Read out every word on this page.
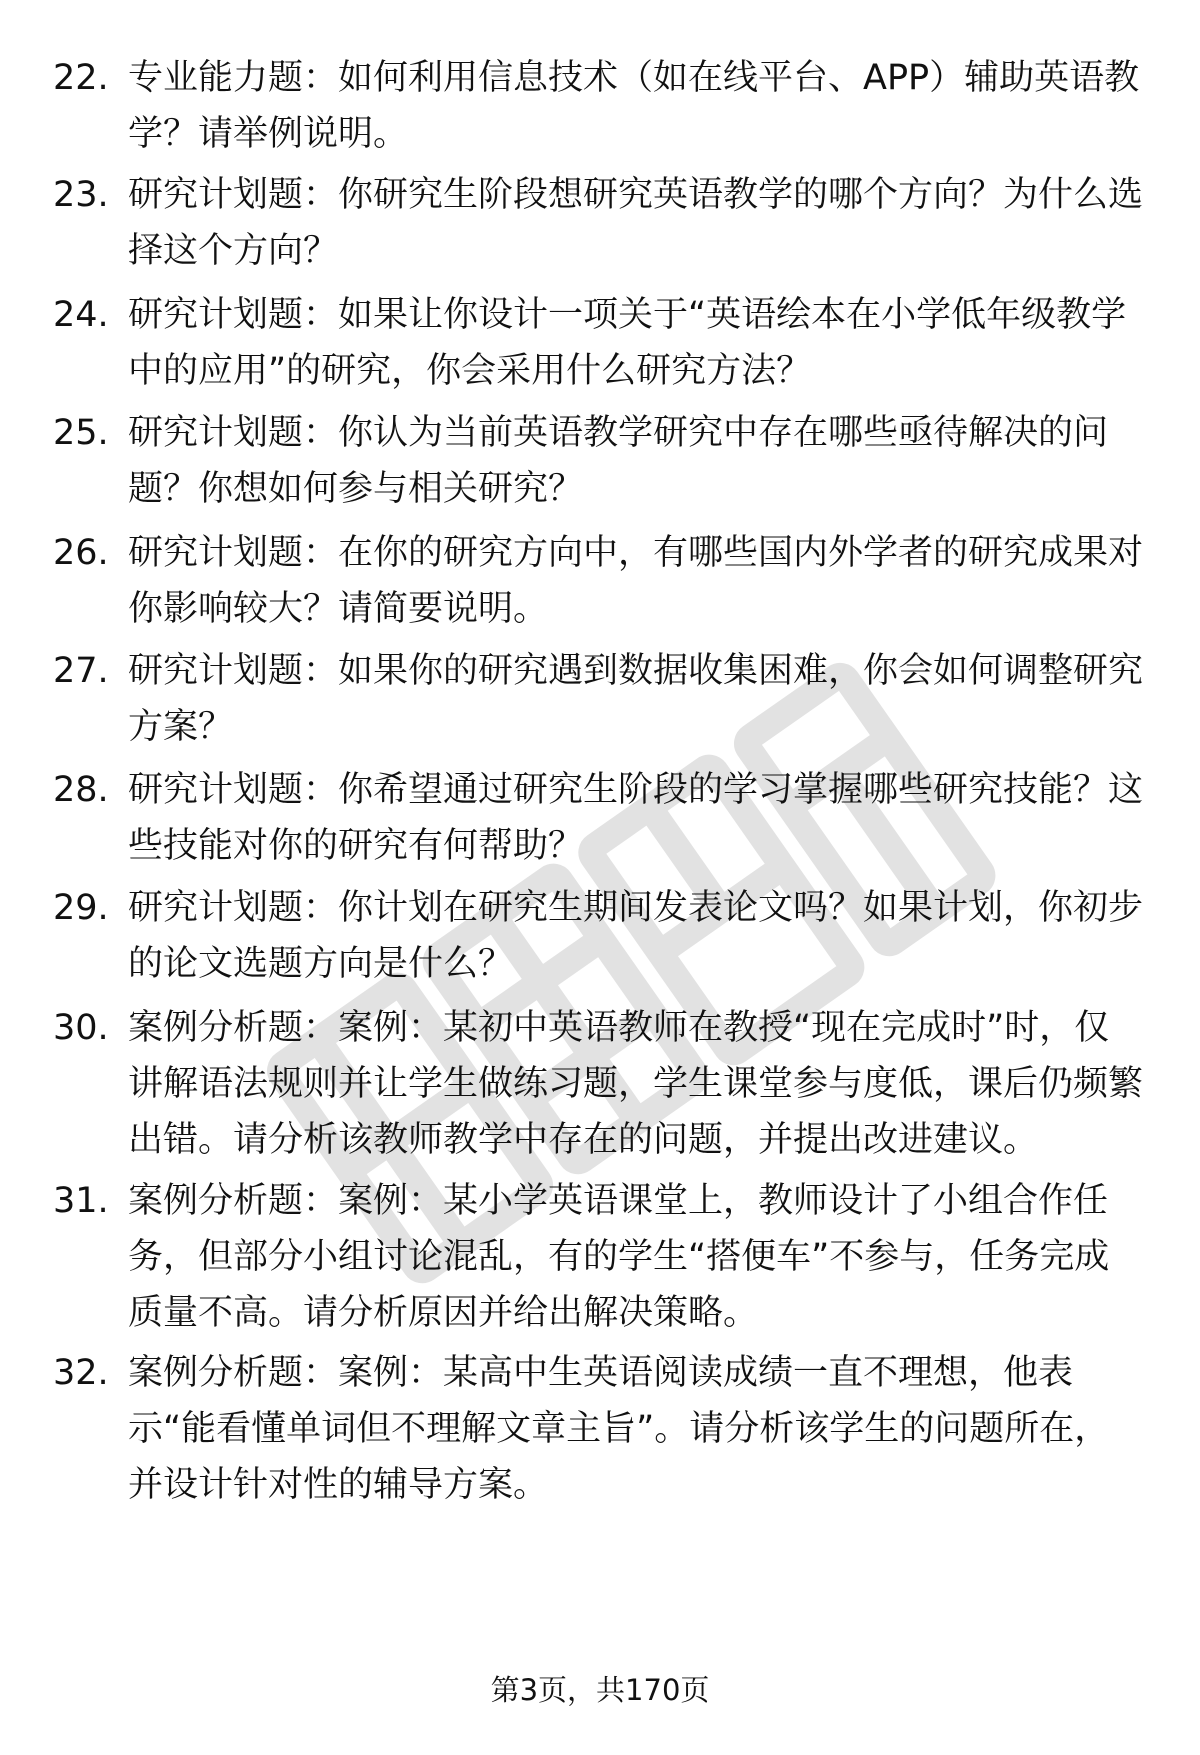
22. 专业能力题：如何利用信息技术（如在线平台、APP）辅助英语教学？请举例说明。
23. 研究计划题：你研究生阶段想研究英语教学的哪个方向？为什么选择这个方向？
24. 研究计划题：如果让你设计一项关于“英语绘本在小学低年级教学中的应用”的研究，你会采用什么研究方法？
25. 研究计划题：你认为当前英语教学研究中存在哪些亟待解决的问题？你想如何参与相关研究？
26. 研究计划题：在你的研究方向中，有哪些国内外学者的研究成果对你影响较大？请简要说明。
27. 研究计划题：如果你的研究遇到数据收集困难，你会如何调整研究方案？
28. 研究计划题：你希望通过研究生阶段的学习掌握哪些研究技能？这些技能对你的研究有何帮助？
29. 研究计划题：你计划在研究生期间发表论文吗？如果计划，你初步的论文选题方向是什么？
30. 案例分析题：案例：某初中英语教师在教授“现在完成时”时，仅讲解语法规则并让学生做练习题，学生课堂参与度低，课后仍频繁出错。请分析该教师教学中存在的问题，并提出改进建议。
31. 案例分析题：案例：某小学英语课堂上，教师设计了小组合作任务，但部分小组讨论混乱，有的学生“搭便车”不参与，任务完成质量不高。请分析原因并给出解决策略。
32. 案例分析题：案例：某高中生英语阅读成绩一直不理想，他表示“能看懂单词但不理解文章主旨”。请分析该学生的问题所在，并设计针对性的辅导方案。
第3页，共170页
